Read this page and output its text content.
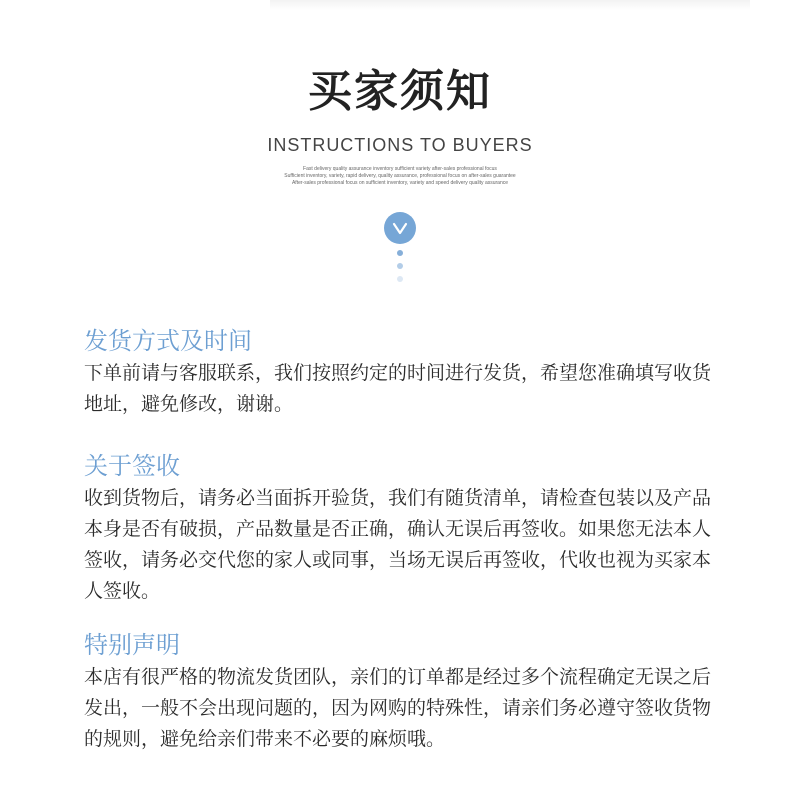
买家须知
INSTRUCTIONS TO BUYERS
Fast delivery quality assurance inventory sufficient variety after-sales professional focus
Sufficient inventory, variety, rapid delivery, quality assurance, professional focus on after-sales guarantee
After-sales professional focus on sufficient inventory, variety and speed delivery quality assurance
发货方式及时间

下单前请与客服联系，我们按照约定的时间进行发货，希望您准确填写收货地址，避免修改，谢谢。

关于签收

收到货物后，请务必当面拆开验货，我们有随货清单，请检查包装以及产品本身是否有破损，产品数量是否正确，确认无误后再签收。如果您无法本人签收，请务必交代您的家人或同事，当场无误后再签收，代收也视为买家本人签收。

特别声明

本店有很严格的物流发货团队，亲们的订单都是经过多个流程确定无误之后发出，一般不会出现问题的，因为网购的特殊性，请亲们务必遵守签收货物的规则，避免给亲们带来不必要的麻烦哦。
